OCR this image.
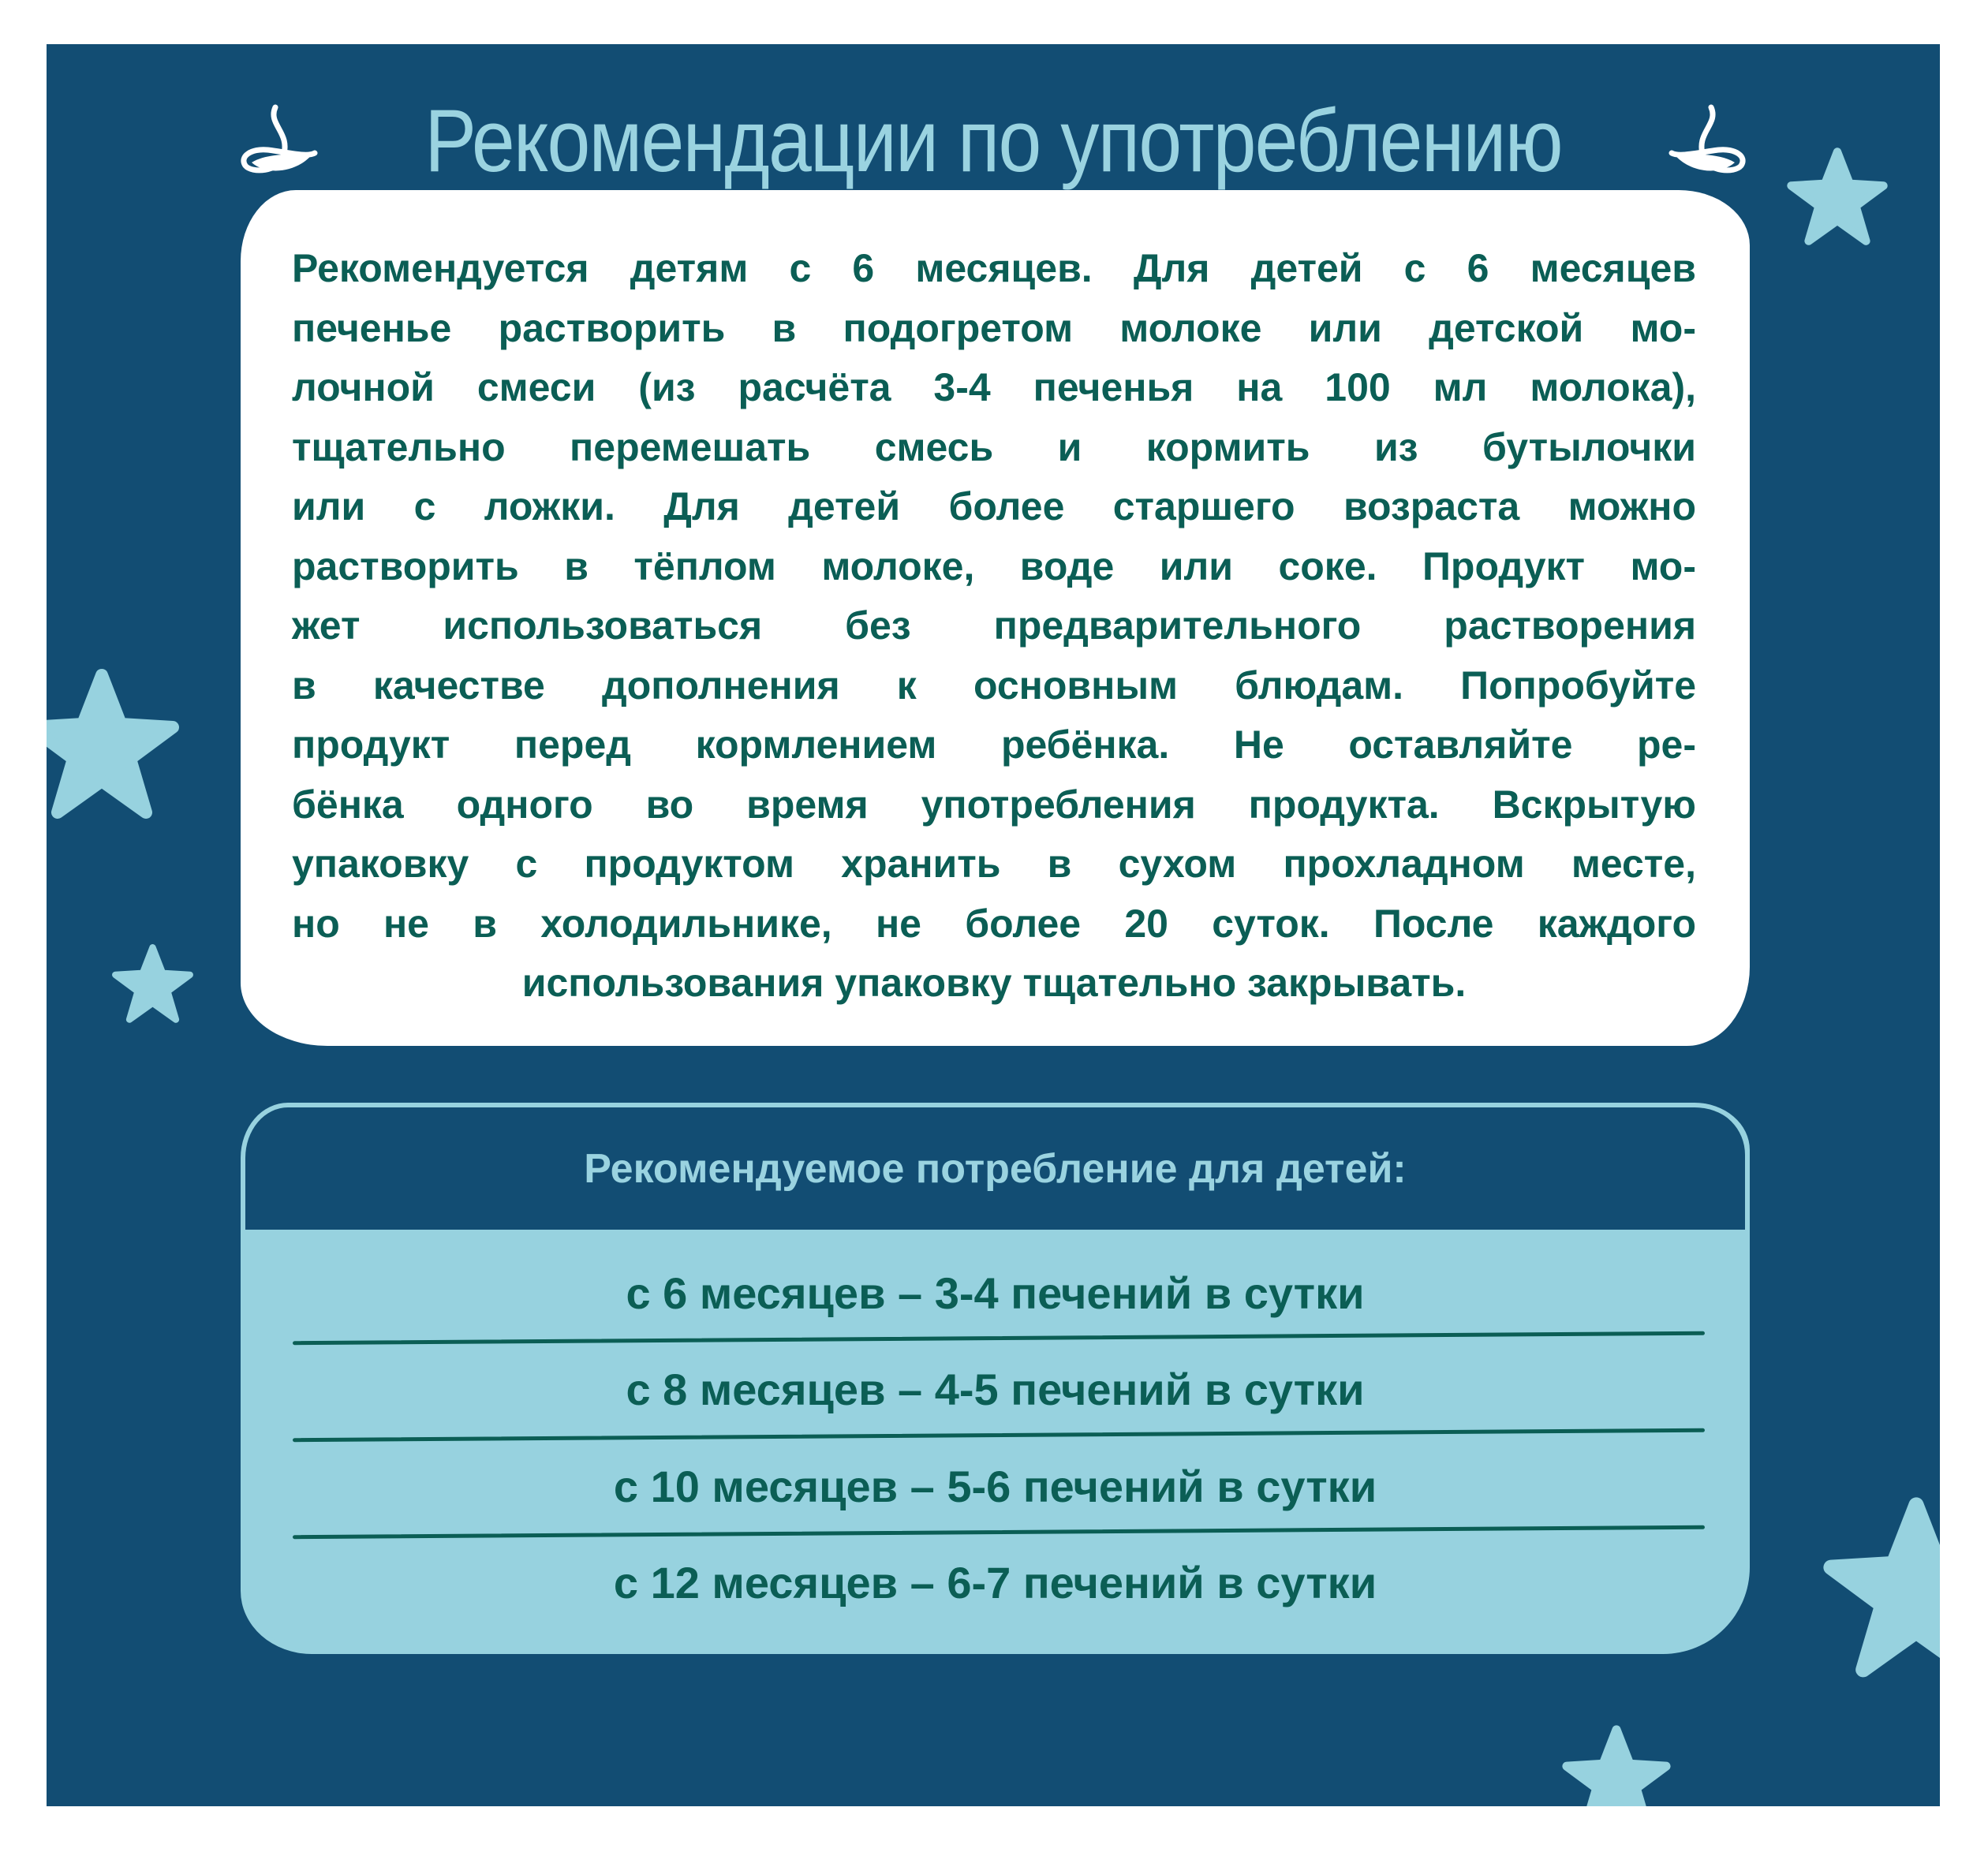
Рекомендации по употреблению
Рекомендуется детям с 6 месяцев. Для детей с 6 месяцев
печенье растворить в подогретом молоке или детской мо-
лочной смеси (из расчёта 3-4 печенья на 100 мл молока),
тщательно перемешать смесь и кормить из бутылочки
или с ложки. Для детей более старшего возраста можно
растворить в тёплом молоке, воде или соке. Продукт мо-
жет использоваться без предварительного растворения
в качестве дополнения к основным блюдам. Попробуйте
продукт перед кормлением ребёнка. Не оставляйте ре-
бёнка одного во время употребления продукта. Вскрытую
упаковку с продуктом хранить в сухом прохладном месте,
но не в холодильнике, не более 20 суток. После каждого
использования упаковку тщательно закрывать.
Рекомендуемое потребление для детей:
с 6 месяцев – 3-4 печений в сутки
с 8 месяцев – 4-5 печений в сутки
с 10 месяцев – 5-6 печений в сутки
с 12 месяцев – 6-7 печений в сутки
